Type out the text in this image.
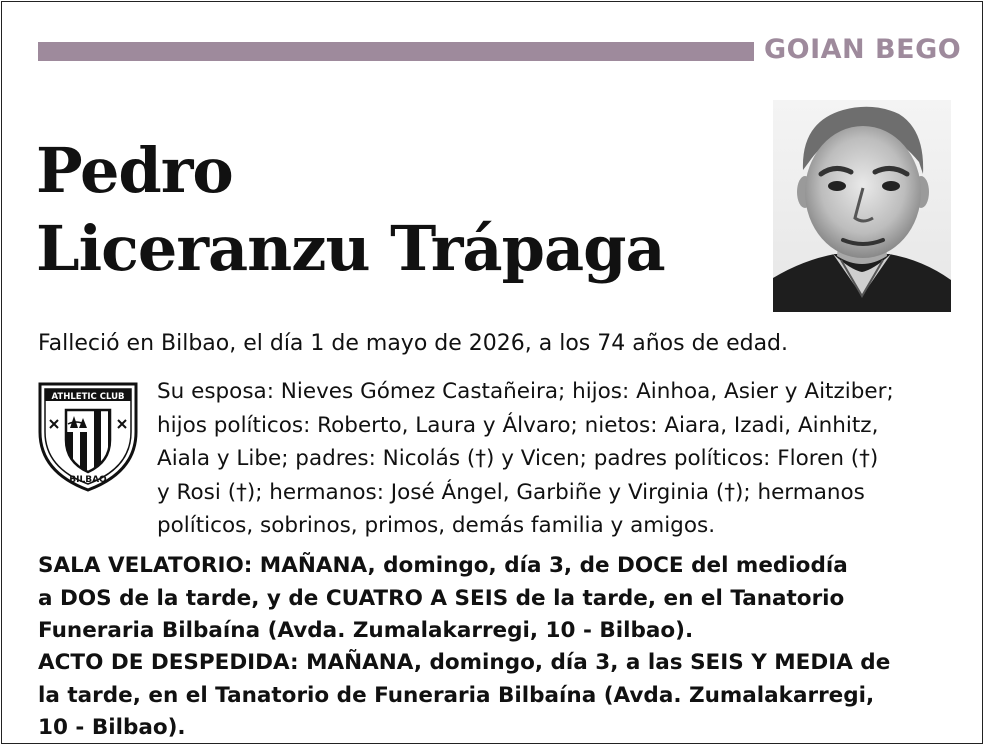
GOIAN BEGO
Pedro
Liceranzu Trápaga
Falleció en Bilbao, el día 1 de mayo de 2026, a los 74 años de edad.
ATHLETIC CLUB
BILBAO
Su esposa: Nieves Gómez Castañeira; hijos: Ainhoa, Asier y Aitziber;
hijos políticos: Roberto, Laura y Álvaro; nietos: Aiara, Izadi, Ainhitz,
Aiala y Libe; padres: Nicolás (†) y Vicen; padres políticos: Floren (†)
y Rosi (†); hermanos: José Ángel, Garbiñe y Virginia (†); hermanos
políticos, sobrinos, primos, demás familia y amigos.
SALA VELATORIO: MAÑANA, domingo, día 3, de DOCE del mediodía
a DOS de la tarde, y de CUATRO A SEIS de la tarde, en el Tanatorio
Funeraria Bilbaína (Avda. Zumalakarregi, 10 - Bilbao).
ACTO DE DESPEDIDA: MAÑANA, domingo, día 3, a las SEIS Y MEDIA de
la tarde, en el Tanatorio de Funeraria Bilbaína (Avda. Zumalakarregi,
10 - Bilbao).
